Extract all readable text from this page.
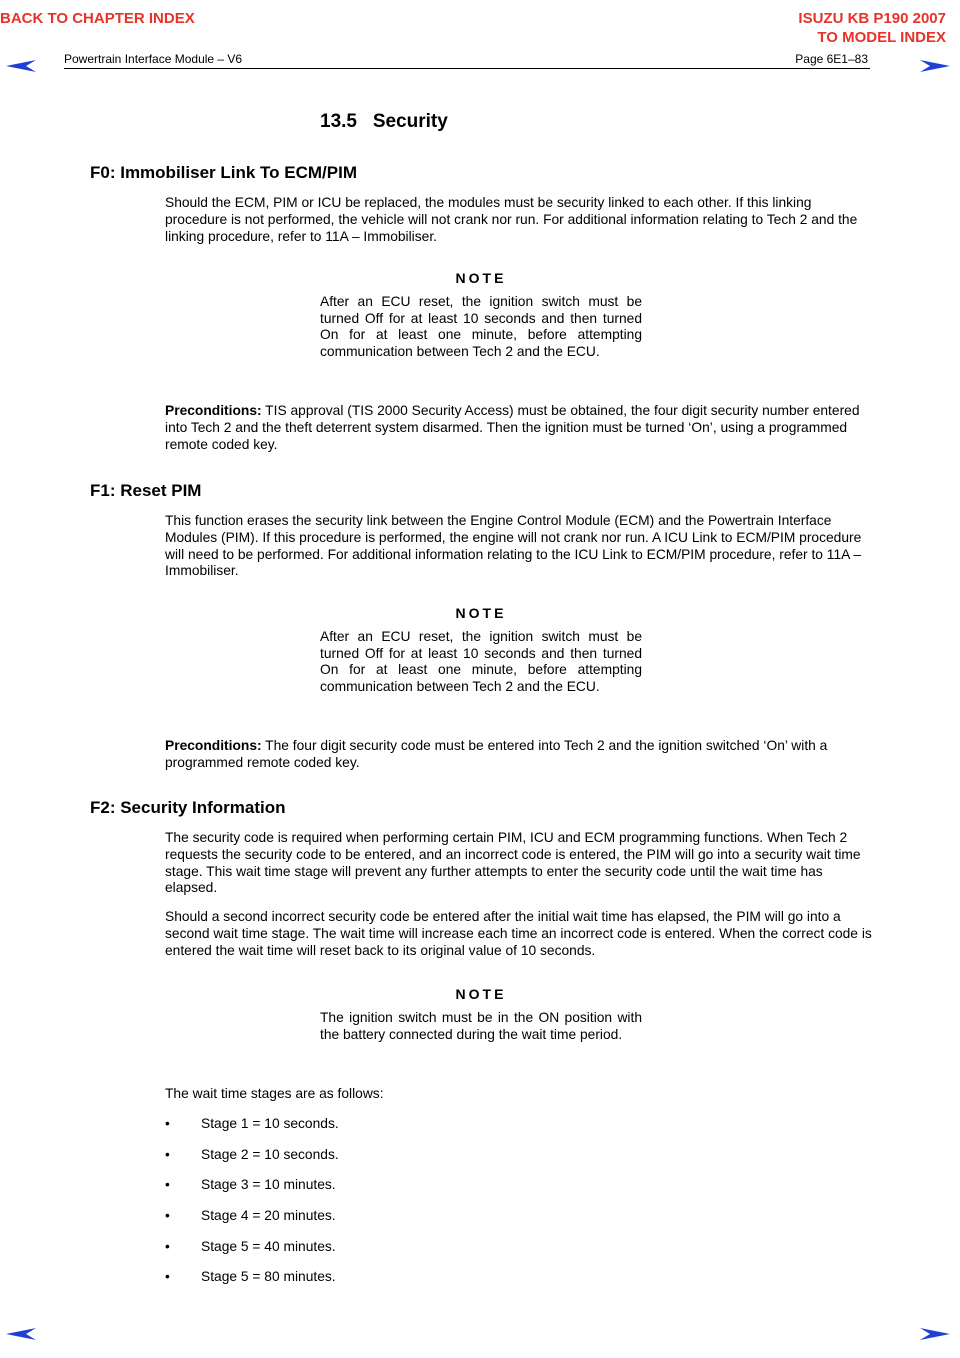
BACK TO CHAPTER INDEX	ISUZU KB P190 2007
TO MODEL INDEX
Powertrain Interface Module – V6	Page 6E1–83
13.5   Security
F0: Immobiliser Link To ECM/PIM
Should the ECM, PIM or ICU be replaced, the modules must be security linked to each other. If this linking procedure is not performed, the vehicle will not crank nor run. For additional information relating to Tech 2 and the linking procedure, refer to 11A – Immobiliser.
NOTE
After an ECU reset, the ignition switch must be turned Off for at least 10 seconds and then turned On for at least one minute, before attempting communication between Tech 2 and the ECU.
Preconditions: TIS approval (TIS 2000 Security Access) must be obtained, the four digit security number entered into Tech 2 and the theft deterrent system disarmed. Then the ignition must be turned ‘On’, using a programmed remote coded key.
F1: Reset PIM
This function erases the security link between the Engine Control Module (ECM) and the Powertrain Interface Modules (PIM). If this procedure is performed, the engine will not crank nor run. A ICU Link to ECM/PIM procedure will need to be performed. For additional information relating to the ICU Link to ECM/PIM procedure, refer to 11A – Immobiliser.
NOTE
After an ECU reset, the ignition switch must be turned Off for at least 10 seconds and then turned On for at least one minute, before attempting communication between Tech 2 and the ECU.
Preconditions: The four digit security code must be entered into Tech 2 and the ignition switched ‘On’ with a programmed remote coded key.
F2: Security Information
The security code is required when performing certain PIM, ICU and ECM programming functions. When Tech 2 requests the security code to be entered, and an incorrect code is entered, the PIM will go into a security wait time stage. This wait time stage will prevent any further attempts to enter the security code until the wait time has elapsed.
Should a second incorrect security code be entered after the initial wait time has elapsed, the PIM will go into a second wait time stage. The wait time will increase each time an incorrect code is entered. When the correct code is entered the wait time will reset back to its original value of 10 seconds.
NOTE
The ignition switch must be in the ON position with the battery connected during the wait time period.
The wait time stages are as follows:
• Stage 1 = 10 seconds.
• Stage 2 = 10 seconds.
• Stage 3 = 10 minutes.
• Stage 4 = 20 minutes.
• Stage 5 = 40 minutes.
• Stage 5 = 80 minutes.
